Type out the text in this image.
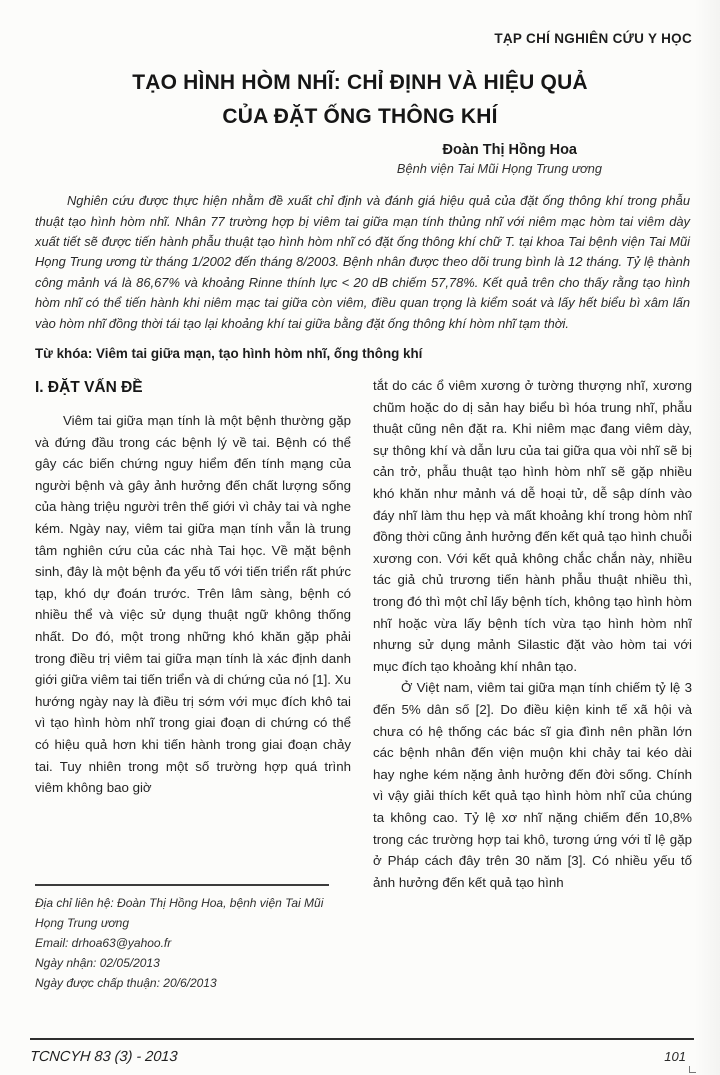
TẠP CHÍ NGHIÊN CỨU Y HỌC
TẠO HÌNH HÒM NHĨ: CHỈ ĐỊNH VÀ HIỆU QUẢ
CỦA ĐẶT ỐNG THÔNG KHÍ
Đoàn Thị Hồng Hoa
Bệnh viện Tai Mũi Họng Trung ương

Nghiên cứu được thực hiện nhằm đề xuất chỉ định và đánh giá hiệu quả của đặt ống thông khí trong phẫu thuật tạo hình hòm nhĩ. Nhân 77 trường hợp bị viêm tai giữa mạn tính thủng nhĩ với niêm mạc hòm tai viêm dày xuất tiết sẽ được tiến hành phẫu thuật tạo hình hòm nhĩ có đặt ống thông khí chữ T. tại khoa Tai bệnh viện Tai Mũi Họng Trung ương từ tháng 1/2002 đến tháng 8/2003. Bệnh nhân được theo dõi trung bình là 12 tháng. Tỷ lệ thành công mảnh vá là 86,67% và khoảng Rinne thính lực < 20 dB chiếm 57,78%. Kết quả trên cho thấy rằng tạo hình hòm nhĩ có thể tiến hành khi niêm mạc tai giữa còn viêm, điều quan trọng là kiểm soát và lấy hết biểu bì xâm lấn vào hòm nhĩ đồng thời tái tạo lại khoảng khí tai giữa bằng đặt ống thông khí hòm nhĩ tạm thời.

Từ khóa: Viêm tai giữa mạn, tạo hình hòm nhĩ, ống thông khí

I. ĐẶT VẤN ĐỀ

Viêm tai giữa mạn tính là một bệnh thường gặp và đứng đầu trong các bệnh lý về tai. Bệnh có thể gây các biến chứng nguy hiểm đến tính mạng của người bệnh và gây ảnh hưởng đến chất lượng sống của hàng triệu người trên thế giới vì chảy tai và nghe kém. Ngày nay, viêm tai giữa mạn tính vẫn là trung tâm nghiên cứu của các nhà Tai học. Về mặt bệnh sinh, đây là một bệnh đa yếu tố với tiến triển rất phức tạp, khó dự đoán trước. Trên lâm sàng, bệnh có nhiều thể và việc sử dụng thuật ngữ không thống nhất. Do đó, một trong những khó khăn gặp phải trong điều trị viêm tai giữa mạn tính là xác định danh giới giữa viêm tai tiến triển và di chứng của nó [1]. Xu hướng ngày nay là điều trị sớm với mục đích khô tai vì tạo hình hòm nhĩ trong giai đoạn di chứng có thể có hiệu quả hơn khi tiến hành trong giai đoạn chảy tai. Tuy nhiên trong một số trường hợp quá trình viêm không bao giờ

Địa chỉ liên hệ: Đoàn Thị Hồng Hoa, bệnh viện Tai Mũi Họng Trung ương

Email: drhoa63@yahoo.fr

Ngày nhận: 02/05/2013

Ngày được chấp thuận: 20/6/2013

tắt do các ổ viêm xương ở tường thượng nhĩ, xương chũm hoặc do dị sản hay biểu bì hóa trung nhĩ, phẫu thuật cũng nên đặt ra. Khi niêm mạc đang viêm dày, sự thông khí và dẫn lưu của tai giữa qua vòi nhĩ sẽ bị cản trở, phẫu thuật tạo hình hòm nhĩ sẽ gặp nhiều khó khăn như mảnh vá dễ hoại tử, dễ sập dính vào đáy nhĩ làm thu hẹp và mất khoảng khí trong hòm nhĩ đồng thời cũng ảnh hưởng đến kết quả tạo hình chuỗi xương con. Với kết quả không chắc chắn này, nhiều tác giả chủ trương tiến hành phẫu thuật nhiều thì, trong đó thì một chỉ lấy bệnh tích, không tạo hình hòm nhĩ hoặc vừa lấy bệnh tích vừa tạo hình hòm nhĩ nhưng sử dụng mảnh Silastic đặt vào hòm tai với mục đích tạo khoảng khí nhân tạo.

Ở Việt nam, viêm tai giữa mạn tính chiếm tỷ lệ 3 đến 5% dân số [2]. Do điều kiện kinh tế xã hội và chưa có hệ thống các bác sĩ gia đình nên phần lớn các bệnh nhân đến viện muộn khi chảy tai kéo dài hay nghe kém nặng ảnh hưởng đến đời sống. Chính vì vậy giải thích kết quả tạo hình hòm nhĩ của chúng ta không cao. Tỷ lệ xơ nhĩ nặng chiếm đến 10,8% trong các trường hợp tai khô, tương ứng với tỉ lệ gặp ở Pháp cách đây trên 30 năm [3]. Có nhiều yếu tố ảnh hưởng đến kết quả tạo hình

TCNCYH 83 (3) - 2013	101
